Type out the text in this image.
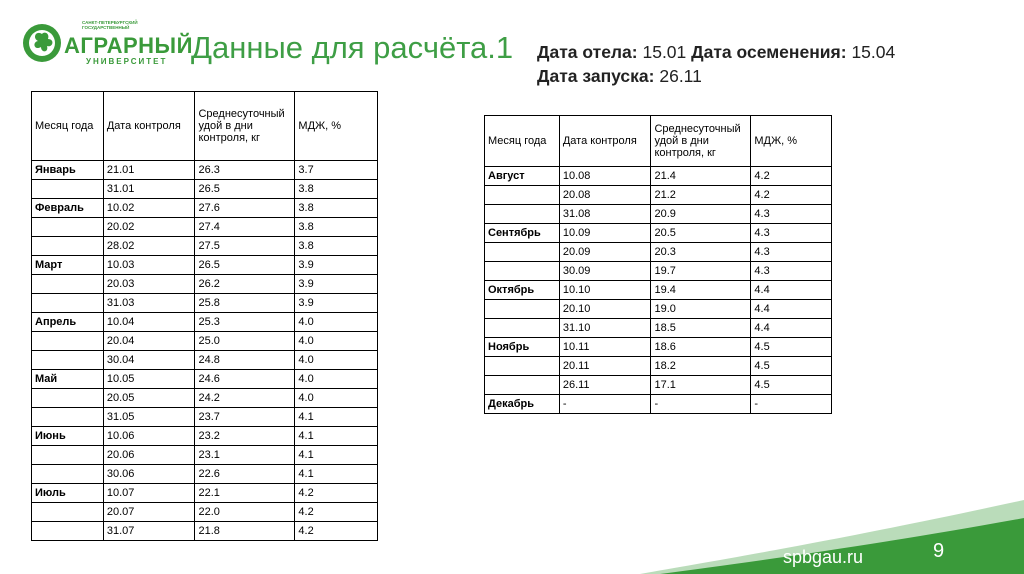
САНКТ-ПЕТЕРБУРГСКИЙ ГОСУДАРСТВЕННЫЙ
АГРАРНЫЙ
УНИВЕРСИТЕТ Данные для расчёта.1 Дата отела: 15.01 Дата осеменения: 15.04
Дата запуска: 26.11
Месяц года	Дата контроля	Среднесуточный удой в дни контроля, кг	МДЖ, %
Январь	21.01	26.3	3.7
	31.01	26.5	3.8
Февраль	10.02	27.6	3.8
	20.02	27.4	3.8
	28.02	27.5	3.8
Март	10.03	26.5	3.9
	20.03	26.2	3.9
	31.03	25.8	3.9
Апрель	10.04	25.3	4.0
	20.04	25.0	4.0
	30.04	24.8	4.0
Май	10.05	24.6	4.0
	20.05	24.2	4.0
	31.05	23.7	4.1
Июнь	10.06	23.2	4.1
	20.06	23.1	4.1
	30.06	22.6	4.1
Июль	10.07	22.1	4.2
	20.07	22.0	4.2
	31.07	21.8	4.2
Месяц года	Дата контроля	Среднесуточный удой в дни контроля, кг	МДЖ, %
Август	10.08	21.4	4.2
	20.08	21.2	4.2
	31.08	20.9	4.3
Сентябрь	10.09	20.5	4.3
	20.09	20.3	4.3
	30.09	19.7	4.3
Октябрь	10.10	19.4	4.4
	20.10	19.0	4.4
	31.10	18.5	4.4
Ноябрь	10.11	18.6	4.5
	20.11	18.2	4.5
	26.11	17.1	4.5
Декабрь	-	-	-
spbgau.ru	9
